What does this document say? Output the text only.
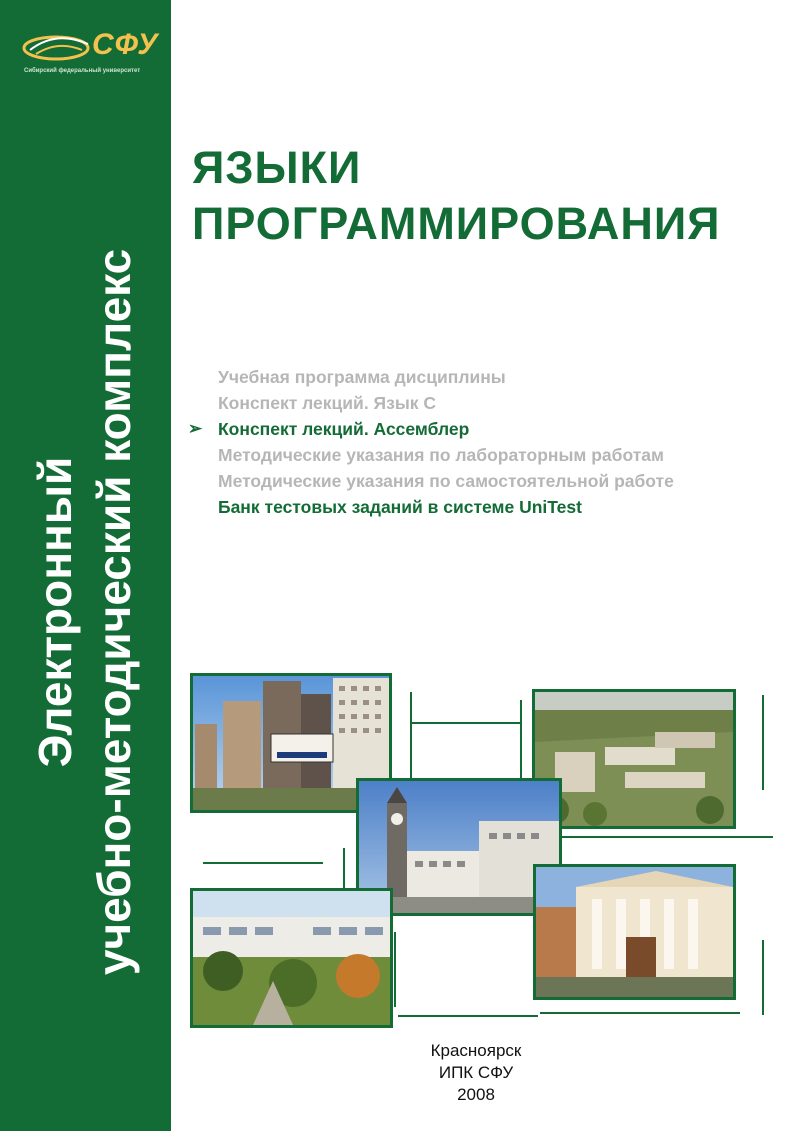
СФУ
Сибирский федеральный университет
Электронный учебно-методический комплекс
ЯЗЫКИ
ПРОГРАММИРОВАНИЯ
Учебная программа дисциплины
Конспект лекций. Язык С
➢ Конспект лекций. Ассемблер
Методические указания по лабораторным работам
Методические указания по самостоятельной работе
Банк тестовых заданий в системе UniTest
Красноярск
ИПК СФУ
2008
